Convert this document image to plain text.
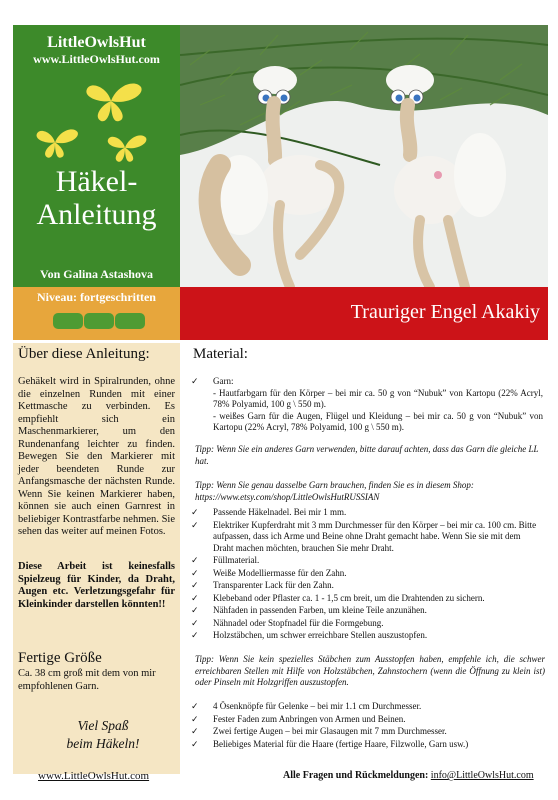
LittleOwlsHut
www.LittleOwlsHut.com
Häkel-
Anleitung
Von Galina Astashova
Niveau: fortgeschritten
Trauriger Engel Akakiy
Über diese Anleitung:
Gehäkelt wird in Spiralrunden, ohne die einzelnen Runden mit einer Kettmasche zu verbinden. Es empfiehlt sich ein Maschenmarkierer, um den Rundenanfang leichter zu finden. Bewegen Sie den Markierer mit jeder beendeten Runde zur Anfangsmasche der nächsten Runde. Wenn Sie keinen Markierer haben, können sie auch einen Garnrest in beliebiger Kontrastfarbe nehmen. Sie sehen das weiter auf meinen Fotos.
Diese Arbeit ist keinesfalls Spielzeug für Kinder, da Draht, Augen etc. Verletzungsgefahr für Kleinkinder darstellen könnten!!
Fertige Größe
Ca. 38 cm groß mit dem von mir empfohlenen Garn.
Viel Spaß
beim Häkeln!
Material:
✓ Garn:
- Hautfarbgarn für den Körper – bei mir ca. 50 g von “Nubuk” von Kartopu (22% Acryl, 78% Polyamid, 100 g \ 550 m).
- weißes Garn für die Augen, Flügel und Kleidung – bei mir ca. 50 g von “Nubuk” von Kartopu (22% Acryl, 78% Polyamid, 100 g \ 550 m).
Tipp: Wenn Sie ein anderes Garn verwenden, bitte darauf achten, dass das Garn die gleiche LL hat.
Tipp: Wenn Sie genau dasselbe Garn brauchen, finden Sie es in diesem Shop: https://www.etsy.com/shop/LittleOwlsHutRUSSIAN
✓ Passende Häkelnadel. Bei mir 1 mm.
✓ Elektriker Kupferdraht mit 3 mm Durchmesser für den Körper – bei mir ca. 100 cm. Bitte aufpassen, dass ich Arme und Beine ohne Draht gemacht habe. Wenn Sie sie mit dem Draht machen möchten, brauchen Sie mehr Draht.
✓ Füllmaterial.
✓ Weiße Modelliermasse für den Zahn.
✓ Transparenter Lack für den Zahn.
✓ Klebeband oder Pflaster ca. 1 - 1,5 cm breit, um die Drahtenden zu sichern.
✓ Nähfaden in passenden Farben, um kleine Teile anzunähen.
✓ Nähnadel oder Stopfnadel für die Formgebung.
✓ Holzstäbchen, um schwer erreichbare Stellen auszustopfen.
Tipp: Wenn Sie kein spezielles Stäbchen zum Ausstopfen haben, empfehle ich, die schwer erreichbaren Stellen mit Hilfe von Holzstäbchen, Zahnstochern (wenn die Öffnung zu klein ist) oder Pinseln mit Holzgriffen auszustopfen.
✓ 4 Ösenknöpfe für Gelenke – bei mir 1.1 cm Durchmesser.
✓ Fester Faden zum Anbringen von Armen und Beinen.
✓ Zwei fertige Augen – bei mir Glasaugen mit 7 mm Durchmesser.
✓ Beliebiges Material für die Haare (fertige Haare, Filzwolle, Garn usw.)
www.LittleOwlsHut.com	Alle Fragen und Rückmeldungen: info@LittleOwlsHut.com
